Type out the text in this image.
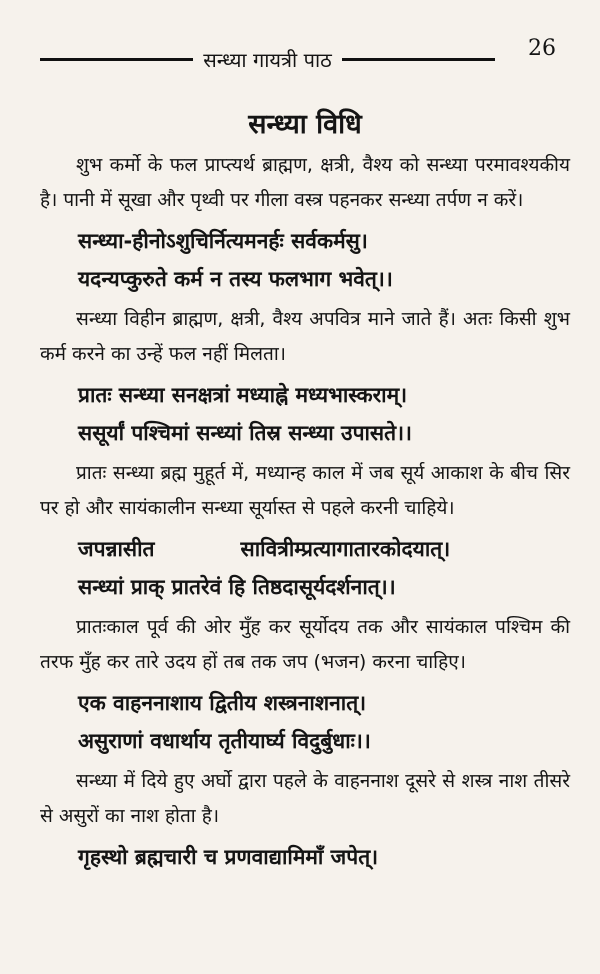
सन्ध्या गायत्री पाठ	26
सन्ध्या विधि

शुभ कर्मो के फल प्राप्त्यर्थ ब्राह्मण, क्षत्री, वैश्य को सन्ध्या परमावश्यकीय है। पानी में सूखा और पृथ्वी पर गीला वस्त्र पहनकर सन्ध्या तर्पण न करें।

सन्ध्या-हीनोऽशुचिर्नित्यमनर्हः सर्वकर्मसु।

यदन्यप्कुरुते कर्म न तस्य फलभाग भवेत्।।

सन्ध्या विहीन ब्राह्मण, क्षत्री, वैश्य अपवित्र माने जाते हैं। अतः किसी शुभ कर्म करने का उन्हें फल नहीं मिलता।

प्रातः सन्ध्या सनक्षत्रां मध्याह्ने मध्यभास्कराम्।

ससूर्यां पश्चिमां सन्ध्यां तिस्र सन्ध्या उपासते।।

प्रातः सन्ध्या ब्रह्म मुहूर्त में, मध्यान्ह काल में जब सूर्य आकाश के बीच सिर पर हो और सायंकालीन सन्ध्या सूर्यास्त से पहले करनी चाहिये।

जपन्नासीत	सावित्रीम्प्रत्यागातारकोदयात्।

सन्ध्यां प्राक् प्रातरेवं हि तिष्ठदासूर्यदर्शनात्।।

प्रातःकाल पूर्व की ओर मुँह कर सूर्योदय तक और सायंकाल पश्चिम की तरफ मुँह कर तारे उदय हों तब तक जप (भजन) करना चाहिए।

एक वाहननाशाय द्वितीय शस्त्रनाशनात्।

असुराणां वधार्थाय तृतीयार्घ्य विदुर्बुधाः।।

सन्ध्या में दिये हुए अर्घो द्वारा पहले के वाहननाश दूसरे से शस्त्र नाश तीसरे से असुरों का नाश होता है।

गृहस्थो ब्रह्मचारी च प्रणवाद्यामिमाँ जपेत्।
